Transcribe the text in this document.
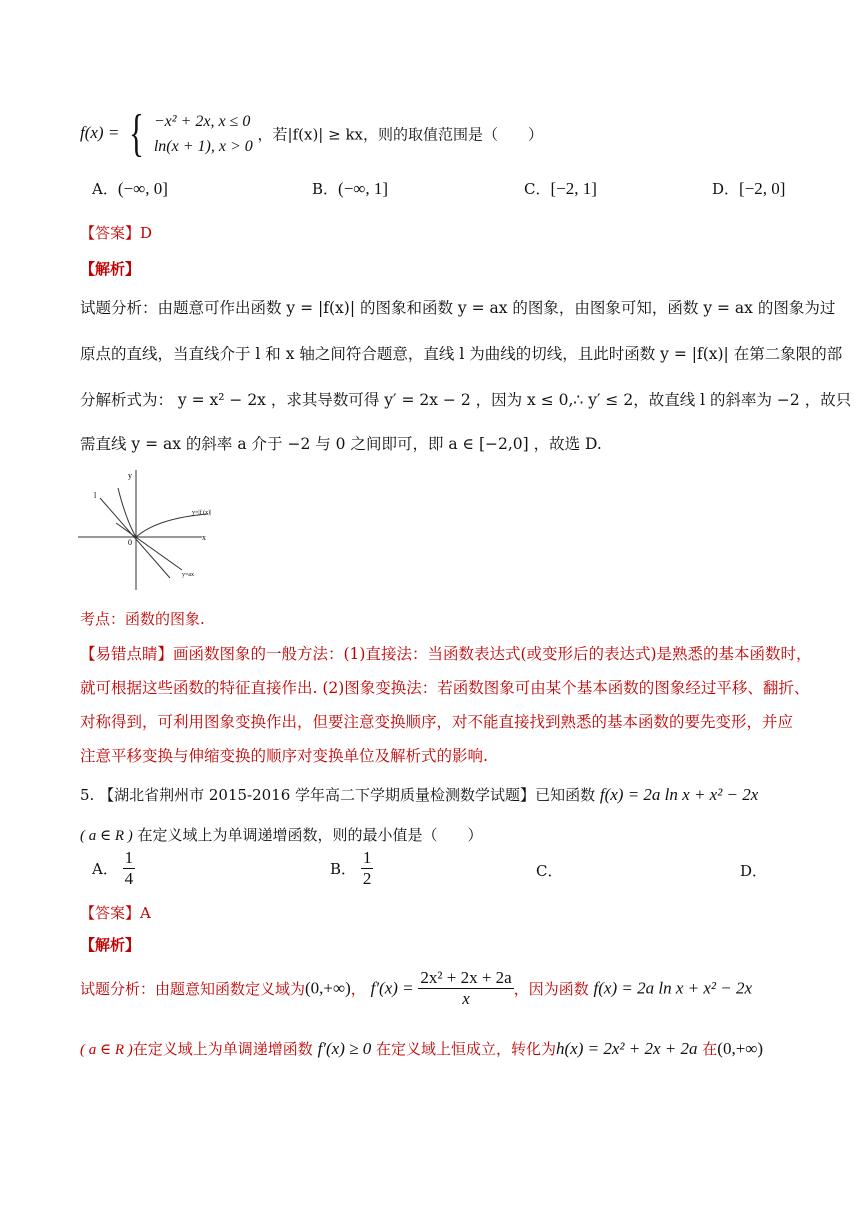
f(x) = { −x² + 2x, x ≤ 0
ln(x + 1), x > 0
，若|f(x)| ≥ kx，则的取值范围是（　　）
A．(−∞, 0]	B．(−∞, 1]	C．[−2, 1]	D．[−2, 0]
【答案】D
【解析】
试题分析：由题意可作出函数 y = |f(x)| 的图象和函数 y = ax 的图象，由图象可知，函数 y = ax 的图象为过
原点的直线，当直线介于 l 和 x 轴之间符合题意，直线 l 为曲线的切线，且此时函数 y = |f(x)| 在第二象限的部
分解析式为： y = x² − 2x ，求其导数可得 y′ = 2x − 2 ，因为 x ≤ 0,∴ y′ ≤ 2，故直线 l 的斜率为 −2 ，故只
需直线 y = ax 的斜率 a 介于 −2 与 0 之间即可，即 a ∈ [−2,0] ，故选 D.
y
x
0
l
y=|f (x)|
y=ax
考点：函数的图象.
【易错点睛】画函数图象的一般方法：(1)直接法：当函数表达式(或变形后的表达式)是熟悉的基本函数时，
就可根据这些函数的特征直接作出. (2)图象变换法：若函数图象可由某个基本函数的图象经过平移、翻折、
对称得到，可利用图象变换作出，但要注意变换顺序，对不能直接找到熟悉的基本函数的要先变形，并应
注意平移变换与伸缩变换的顺序对变换单位及解析式的影响.
5. 【湖北省荆州市 2015-2016 学年高二下学期质量检测数学试题】已知函数 f(x) = 2a ln x + x² − 2x
( a ∈ R ) 在定义域上为单调递增函数，则的最小值是（　　）
A． $\frac{1}{4}$	B． $\frac{1}{2}$	C．	D．
【答案】A
【解析】
试题分析：由题意知函数定义域为(0,+∞)， $f'(x) = \frac{\text{2x² + 2x + 2a}}{x}$ ，因为函数 f(x) = 2a ln x + x² − 2x
( a ∈ R )在定义域上为单调递增函数 f′(x) ≥ 0 在定义域上恒成立，转化为h(x) = 2x² + 2x + 2a 在(0,+∞)
